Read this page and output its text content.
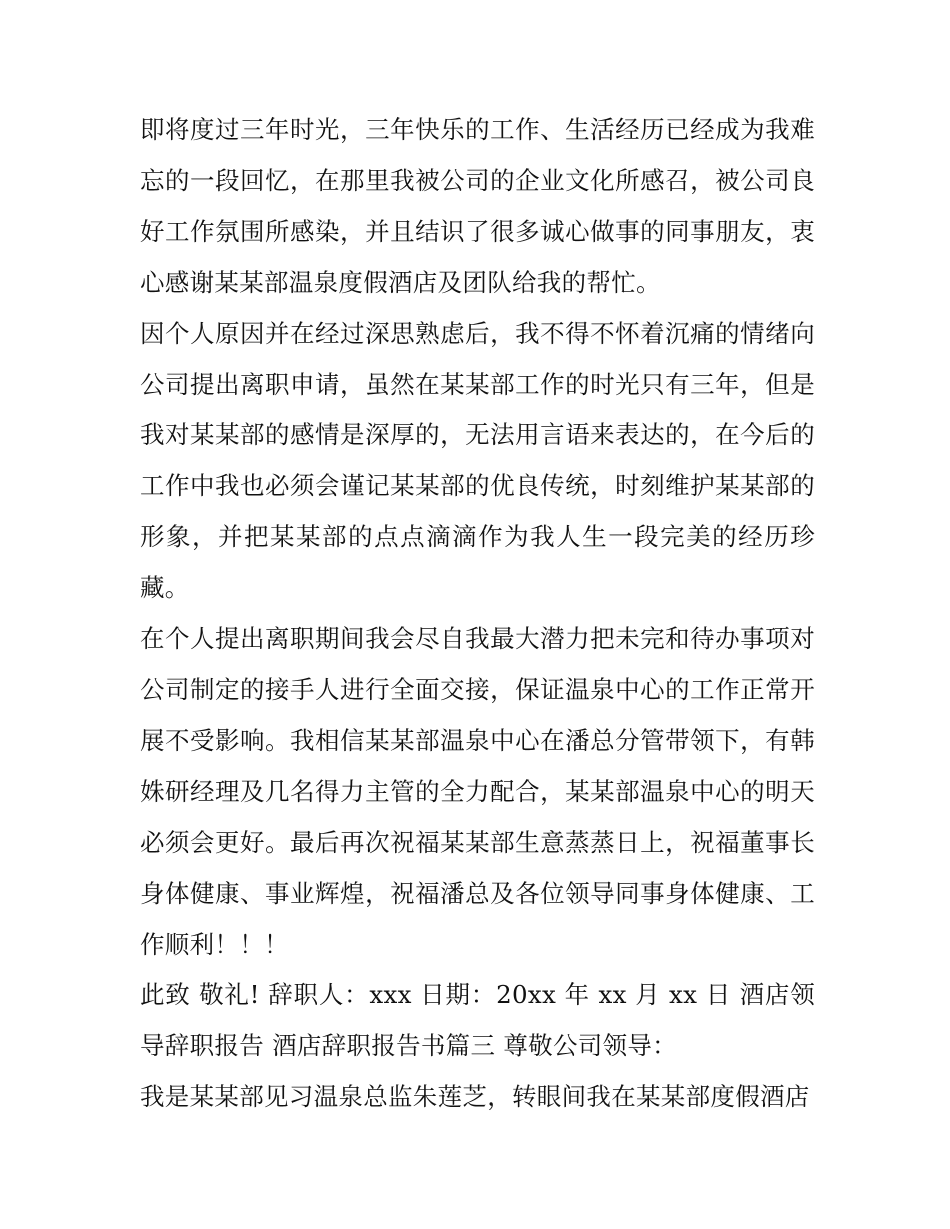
即将度过三年时光，三年快乐的工作、生活经历已经成为我难忘的一段回忆，在那里我被公司的企业文化所感召，被公司良好工作氛围所感染，并且结识了很多诚心做事的同事朋友，衷心感谢某某部温泉度假酒店及团队给我的帮忙。

因个人原因并在经过深思熟虑后，我不得不怀着沉痛的情绪向公司提出离职申请，虽然在某某部工作的时光只有三年，但是我对某某部的感情是深厚的，无法用言语来表达的，在今后的工作中我也必须会谨记某某部的优良传统，时刻维护某某部的形象，并把某某部的点点滴滴作为我人生一段完美的经历珍藏。

在个人提出离职期间我会尽自我最大潜力把未完和待办事项对公司制定的接手人进行全面交接，保证温泉中心的工作正常开展不受影响。我相信某某部温泉中心在潘总分管带领下，有韩姝研经理及几名得力主管的全力配合，某某部温泉中心的明天必须会更好。最后再次祝福某某部生意蒸蒸日上，祝福董事长身体健康、事业辉煌，祝福潘总及各位领导同事身体健康、工作顺利！！！

此致 敬礼! 辞职人：xxx 日期：20xx 年 xx 月 xx 日 酒店领导辞职报告 酒店辞职报告书篇三 尊敬公司领导：

我是某某部见习温泉总监朱莲芝，转眼间我在某某部度假酒店
